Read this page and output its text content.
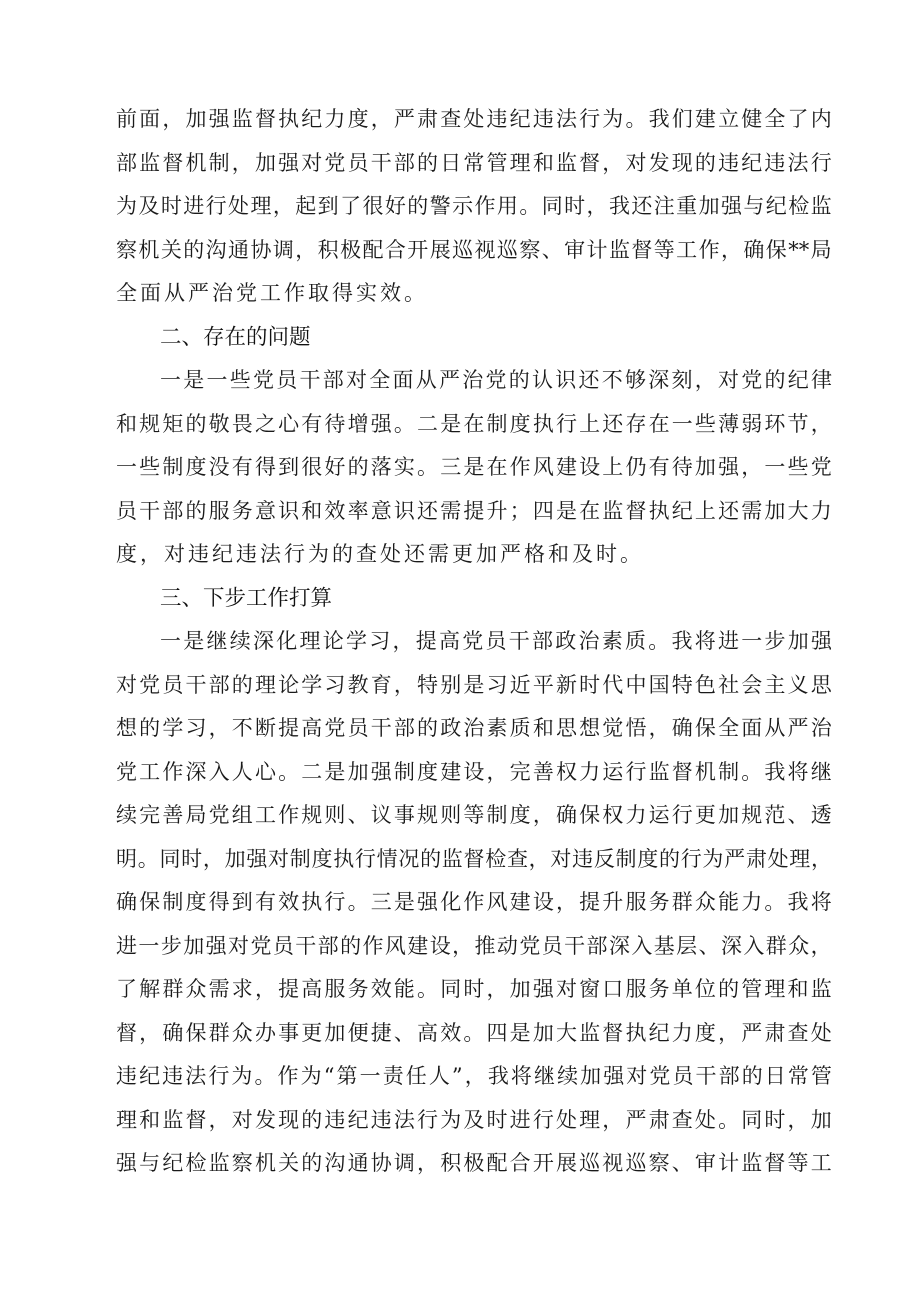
前 面 ， 加 强 监 督 执 纪 力 度 ， 严 肃 查 处 违 纪 违 法 行 为 。 我 们 建 立 健 全 了 内
部 监 督 机 制 ， 加 强 对 党 员 干 部 的 日 常 管 理 和 监 督 ， 对 发 现 的 违 纪 违 法 行
为 及 时 进 行 处 理 ， 起 到 了 很 好 的 警 示 作 用 。 同 时 ， 我 还 注 重 加 强 与 纪 检 监
察 机 关 的 沟 通 协 调 ， 积 极 配 合 开 展 巡 视 巡 察 、 审 计 监 督 等 工 作 ， 确 保 ** 局
全面从严治党工作取得实效。
二、存在的问题
一 是 一 些 党 员 干 部 对 全 面 从 严 治 党 的 认 识 还 不 够 深 刻 ， 对 党 的 纪 律
和 规 矩 的 敬 畏 之 心 有 待 增 强 。 二 是 在 制 度 执 行 上 还 存 在 一 些 薄 弱 环 节 ，
一 些 制 度 没 有 得 到 很 好 的 落 实 。 三 是 在 作 风 建 设 上 仍 有 待 加 强 ， 一 些 党
员 干 部 的 服 务 意 识 和 效 率 意 识 还 需 提 升 ； 四 是 在 监 督 执 纪 上 还 需 加 大 力
度，对违纪违法行为的查处还需更加严格和及时。
三、下步工作打算
一 是 继 续 深 化 理 论 学 习 ， 提 高 党 员 干 部 政 治 素 质 。 我 将 进 一 步 加 强
对 党 员 干 部 的 理 论 学 习 教 育 ， 特 别 是 习 近 平 新 时 代 中 国 特 色 社 会 主 义 思
想 的 学 习 ， 不 断 提 高 党 员 干 部 的 政 治 素 质 和 思 想 觉 悟 ， 确 保 全 面 从 严 治
党 工 作 深 入 人 心 。 二 是 加 强 制 度 建 设 ， 完 善 权 力 运 行 监 督 机 制 。 我 将 继
续 完 善 局 党 组 工 作 规 则 、 议 事 规 则 等 制 度 ， 确 保 权 力 运 行 更 加 规 范 、 透
明 。 同 时 ， 加 强 对 制 度 执 行 情 况 的 监 督 检 查 ， 对 违 反 制 度 的 行 为 严 肃 处 理 ，
确 保 制 度 得 到 有 效 执 行 。 三 是 强 化 作 风 建 设 ， 提 升 服 务 群 众 能 力 。 我 将
进 一 步 加 强 对 党 员 干 部 的 作 风 建 设 ， 推 动 党 员 干 部 深 入 基 层 、 深 入 群 众 ，
了 解 群 众 需 求 ， 提 高 服 务 效 能 。 同 时 ， 加 强 对 窗 口 服 务 单 位 的 管 理 和 监
督 ， 确 保 群 众 办 事 更 加 便 捷 、 高 效 。 四 是 加 大 监 督 执 纪 力 度 ， 严 肃 查 处
违 纪 违 法 行 为 。 作 为 “ 第 一 责 任 人 ” ， 我 将 继 续 加 强 对 党 员 干 部 的 日 常 管
理 和 监 督 ， 对 发 现 的 违 纪 违 法 行 为 及 时 进 行 处 理 ， 严 肃 查 处 。 同 时 ， 加
强 与 纪 检 监 察 机 关 的 沟 通 协 调 ， 积 极 配 合 开 展 巡 视 巡 察 、 审 计 监 督 等 工
